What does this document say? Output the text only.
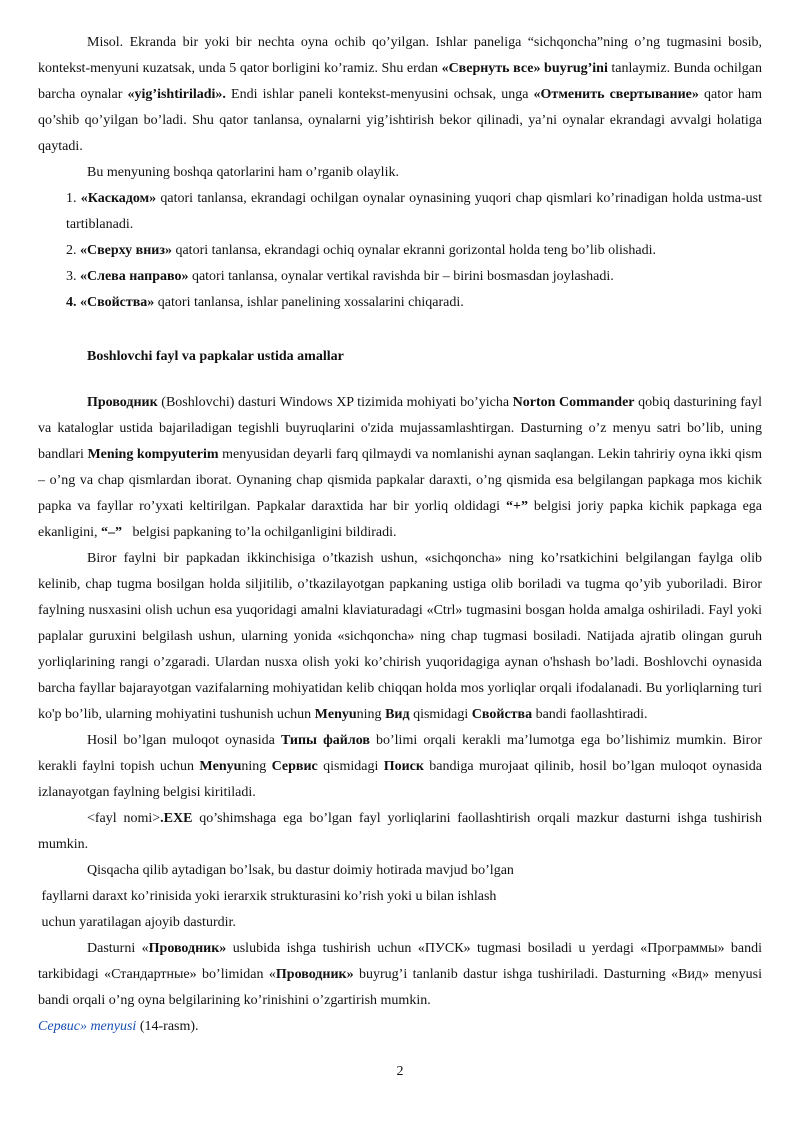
Misol. Ekranda bir yoki bir nechta oyna ochib qo’yilgan. Ishlar paneliga “sichqoncha”ning o’ng tugmasini bosib, kontekst-menyuni кuzatsak, unda 5 qator borligini ko’ramiz. Shu erdan «Свернуть все» buyrug’ini tanlaymiz. Bunda ochilgan barcha oynalar «yig’ishtiriladi». Endi ishlar paneli kontekst-menyusini ochsak, unga «Отменить свертывание» qator ham qo’shib qo’yilgan bo’ladi. Shu qator tanlansa, oynalarni yig’ishtirish bekor qilinadi, ya’ni oynalar ekrandagi avvalgi holatiga qaytadi.

Bu menyuning boshqa qatorlarini ham o’rganib olaylik.

1. «Каскадом» qatori tanlansa, ekrandagi ochilgan oynalar oynasining yuqori chap qismlari ko’rinadigan holda ustma-ust tartiblanadi.

2. «Сверху вниз» qatori tanlansa, ekrandagi ochiq oynalar ekranni gorizontal holda teng bo’lib olishadi.

3. «Слева направо» qatori tanlansa, oynalar vertikal ravishda bir – birini bosmasdan joylashadi.

4. «Свойства» qatori tanlansa, ishlar panelining xossalarini chiqaradi.

Boshlovchi fayl va papkalar ustida amallar

Проводник (Boshlovchi) dasturi Windows XP tizimida mohiyati bo’yicha Norton Commander qobiq dasturining fayl va kataloglar ustida bajariladigan tegishli buyruqlarini o'zida mujassamlashtirgan. Dasturning o’z menyu satri bo’lib, uning bandlari Mening kompyuterim menyusidan deyarli farq qilmaydi va nomlanishi aynan saqlangan. Lekin tahririy oyna ikki qism – o’ng va chap qismlardan iborat. Oynaning chap qismida papkalar daraxti, o’ng qismida esa belgilangan papkaga mos kichik papka va fayllar ro’yxati keltirilgan. Papkalar daraxtida har bir yorliq oldidagi “+” belgisi joriy papka kichik papkaga ega ekanligini, “–”   belgisi papkaning to’la ochilganligini bildiradi.

Biror faylni bir papkadan ikkinchisiga o’tkazish ushun, «sichqoncha» ning ko’rsatkichini belgilangan faylga olib kelinib, chap tugma bosilgan holda siljitilib, o’tkazilayotgan papkaning ustiga olib boriladi va tugma qo’yib yuboriladi. Biror faylning nusxasini olish uchun esa yuqoridagi amalni klaviaturadagi «Ctrl» tugmasini bosgan holda amalga oshiriladi. Fayl yoki paplalar guruxini belgilash ushun, ularning yonida «sichqoncha» ning chap tugmasi bosiladi. Natijada ajratib olingan guruh yorliqlarining rangi o’zgaradi. Ulardan nusxa olish yoki ko’chirish yuqoridagiga aynan o'hshash bo’ladi. Boshlovchi oynasida barcha fayllar bajarayotgan vazifalarning mohiyatidan kelib chiqqan holda mos yorliqlar orqali ifodalanadi. Bu yorliqlarning turi ko'p bo’lib, ularning mohiyatini tushunish uchun Menyuning Вид qismidagi Свойства bandi faollashtiradi.

Hosil bo’lgan muloqot oynasida Типы файлов bo’limi orqali kerakli ma’lumotga ega bo’lishimiz mumkin. Biror kerakli faylni topish uchun Menyuning Сервис qismidagi Поиск bandiga murojaat qilinib, hosil bo’lgan muloqot oynasida izlanayotgan faylning belgisi kiritiladi.

<fayl nomi>.EXE qo’shimshaga ega bo’lgan fayl yorliqlarini faollashtirish orqali mazkur dasturni ishga tushirish mumkin.

Qisqacha qilib aytadigan bo’lsak, bu dastur doimiy hotirada mavjud bo’lgan

fayllarni daraxt ko’rinisida yoki ierarxik strukturasini ko’rish yoki u bilan ishlash

uchun yaratilagan ajoyib dasturdir.

Dasturni «Проводник» uslubida ishga tushirish uchun «ПУСК» tugmasi bosiladi u yerdagi «Программы» bandi tarkibidagi «Стандартные» bo’limidan «Проводник» buyrug’i tanlanib dastur ishga tushiriladi. Dasturning «Вид» menyusi bandi orqali o’ng oyna belgilarining ko’rinishini o’zgartirish mumkin.

Сервис» menyusi (14-rasm).

2
